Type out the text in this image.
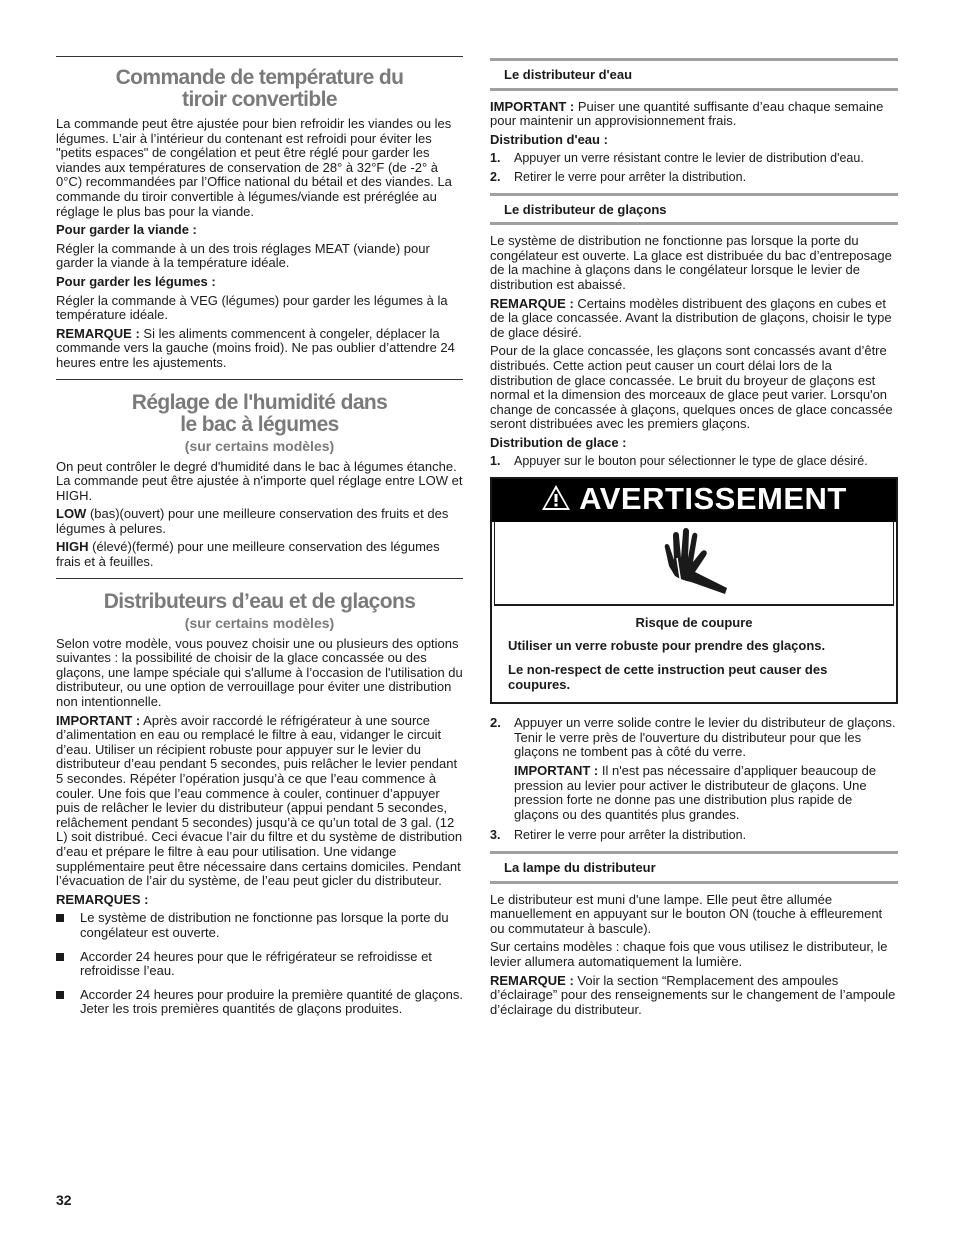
Commande de température du
tiroir convertible

La commande peut être ajustée pour bien refroidir les viandes ou les légumes. L’air à l’intérieur du contenant est refroidi pour éviter les "petits espaces" de congélation et peut être réglé pour garder les viandes aux températures de conservation de 28° à 32°F (de -2° à 0°C) recommandées par l’Office national du bétail et des viandes. La commande du tiroir convertible à légumes/viande est préréglée au réglage le plus bas pour la viande.

Pour garder la viande :

Régler la commande à un des trois réglages MEAT (viande) pour garder la viande à la température idéale.

Pour garder les légumes :

Régler la commande à VEG (légumes) pour garder les légumes à la température idéale.

REMARQUE : Si les aliments commencent à congeler, déplacer la commande vers la gauche (moins froid). Ne pas oublier d’attendre 24 heures entre les ajustements.

Réglage de l'humidité dans
le bac à légumes
(sur certains modèles)

On peut contrôler le degré d'humidité dans le bac à légumes étanche. La commande peut être ajustée à n'importe quel réglage entre LOW et HIGH.

LOW (bas)(ouvert) pour une meilleure conservation des fruits et des légumes à pelures.

HIGH (élevé)(fermé) pour une meilleure conservation des légumes frais et à feuilles.

Distributeurs d’eau et de glaçons
(sur certains modèles)

Selon votre modèle, vous pouvez choisir une ou plusieurs des options suivantes : la possibilité de choisir de la glace concassée ou des glaçons, une lampe spéciale qui s'allume à l’occasion de l'utilisation du distributeur, ou une option de verrouillage pour éviter une distribution non intentionnelle.

IMPORTANT : Après avoir raccordé le réfrigérateur à une source d’alimentation en eau ou remplacé le filtre à eau, vidanger le circuit d’eau. Utiliser un récipient robuste pour appuyer sur le levier du distributeur d’eau pendant 5 secondes, puis relâcher le levier pendant 5 secondes. Répéter l’opération jusqu’à ce que l’eau commence à couler. Une fois que l’eau commence à couler, continuer d’appuyer puis de relâcher le levier du distributeur (appui pendant 5 secondes, relâchement pendant 5 secondes) jusqu’à ce qu’un total de 3 gal. (12 L) soit distribué. Ceci évacue l’air du filtre et du système de distribution d’eau et prépare le filtre à eau pour utilisation. Une vidange supplémentaire peut être nécessaire dans certains domiciles. Pendant l’évacuation de l’air du système, de l’eau peut gicler du distributeur.

REMARQUES :

Le système de distribution ne fonctionne pas lorsque la porte du congélateur est ouverte.
Accorder 24 heures pour que le réfrigérateur se refroidisse et refroidisse l’eau.
Accorder 24 heures pour produire la première quantité de glaçons. Jeter les trois premières quantités de glaçons produites.
Le distributeur d'eau

IMPORTANT : Puiser une quantité suffisante d’eau chaque semaine pour maintenir un approvisionnement frais.

Distribution d'eau :

1. Appuyer un verre résistant contre le levier de distribution d'eau.
2. Retirer le verre pour arrêter la distribution.
Le distributeur de glaçons

Le système de distribution ne fonctionne pas lorsque la porte du congélateur est ouverte. La glace est distribuée du bac d’entreposage de la machine à glaçons dans le congélateur lorsque le levier de distribution est abaissé.

REMARQUE : Certains modèles distribuent des glaçons en cubes et de la glace concassée. Avant la distribution de glaçons, choisir le type de glace désiré.

Pour de la glace concassée, les glaçons sont concassés avant d’être distribués. Cette action peut causer un court délai lors de la distribution de glace concassée. Le bruit du broyeur de glaçons est normal et la dimension des morceaux de glace peut varier. Lorsqu'on change de concassée à glaçons, quelques onces de glace concassée seront distribuées avec les premiers glaçons.

Distribution de glace :

1. Appuyer sur le bouton pour sélectionner le type de glace désiré.
AVERTISSEMENT

Risque de coupure

Utiliser un verre robuste pour prendre des glaçons.

Le non-respect de cette instruction peut causer des coupures.

2. Appuyer un verre solide contre le levier du distributeur de glaçons. Tenir le verre près de l'ouverture du distributeur pour que les glaçons ne tombent pas à côté du verre.

IMPORTANT : Il n'est pas nécessaire d’appliquer beaucoup de pression au levier pour activer le distributeur de glaçons. Une pression forte ne donne pas une distribution plus rapide de glaçons ou des quantités plus grandes.

3. Retirer le verre pour arrêter la distribution.
La lampe du distributeur

Le distributeur est muni d'une lampe. Elle peut être allumée manuellement en appuyant sur le bouton ON (touche à effleurement ou commutateur à bascule).

Sur certains modèles : chaque fois que vous utilisez le distributeur, le levier allumera automatiquement la lumière.

REMARQUE : Voir la section “Remplacement des ampoules d’éclairage” pour des renseignements sur le changement de l’ampoule d’éclairage du distributeur.

32
